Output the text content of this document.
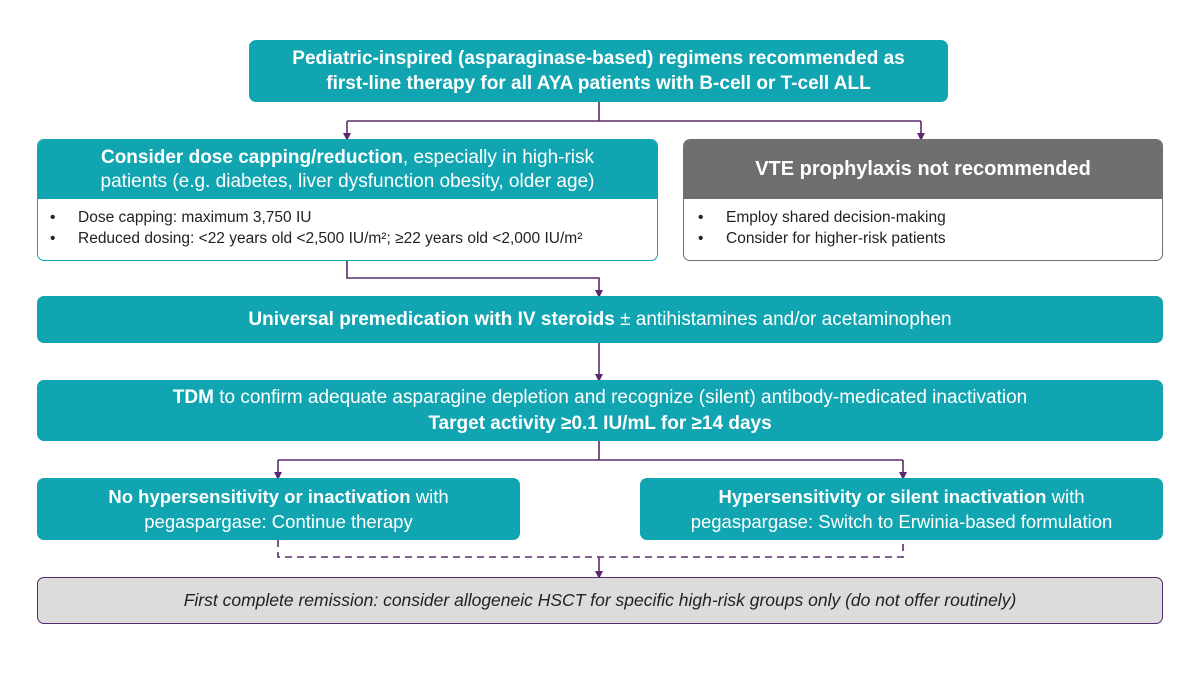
Pediatric-inspired (asparaginase-based) regimens recommended as
first-line therapy for all AYA patients with B-cell or T-cell ALL
Consider dose capping/reduction, especially in high-risk
patients (e.g. diabetes, liver dysfunction obesity, older age)
• Dose capping: maximum 3,750 IU
• Reduced dosing: <22 years old <2,500 IU/m²; ≥22 years old <2,000 IU/m²
VTE prophylaxis not recommended
• Employ shared decision-making
• Consider for higher-risk patients
Universal premedication with IV steroids ± antihistamines and/or acetaminophen
TDM to confirm adequate asparagine depletion and recognize (silent) antibody-medicated inactivation
Target activity ≥0.1 IU/mL for ≥14 days
No hypersensitivity or inactivation with
pegaspargase: Continue therapy
Hypersensitivity or silent inactivation with
pegaspargase: Switch to Erwinia-based formulation
First complete remission: consider allogeneic HSCT for specific high-risk groups only (do not offer routinely)
